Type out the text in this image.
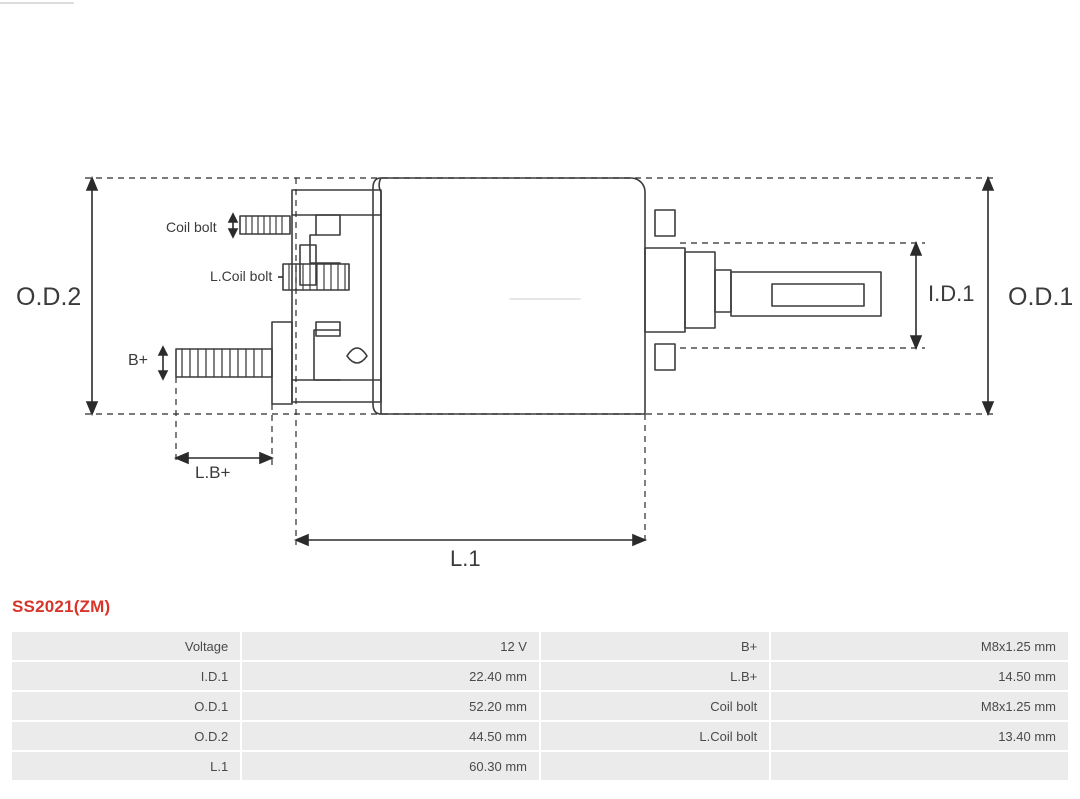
O.D.2	O.D.1
I.D.1
L.1
L.B+
B+
Coil bolt
L.Coil bolt
SS2021(ZM)
Voltage	12 V	B+	M8x1.25 mm
I.D.1	22.40 mm	L.B+	14.50 mm
O.D.1	52.20 mm	Coil bolt	M8x1.25 mm
O.D.2	44.50 mm	L.Coil bolt	13.40 mm
L.1	60.30 mm		
